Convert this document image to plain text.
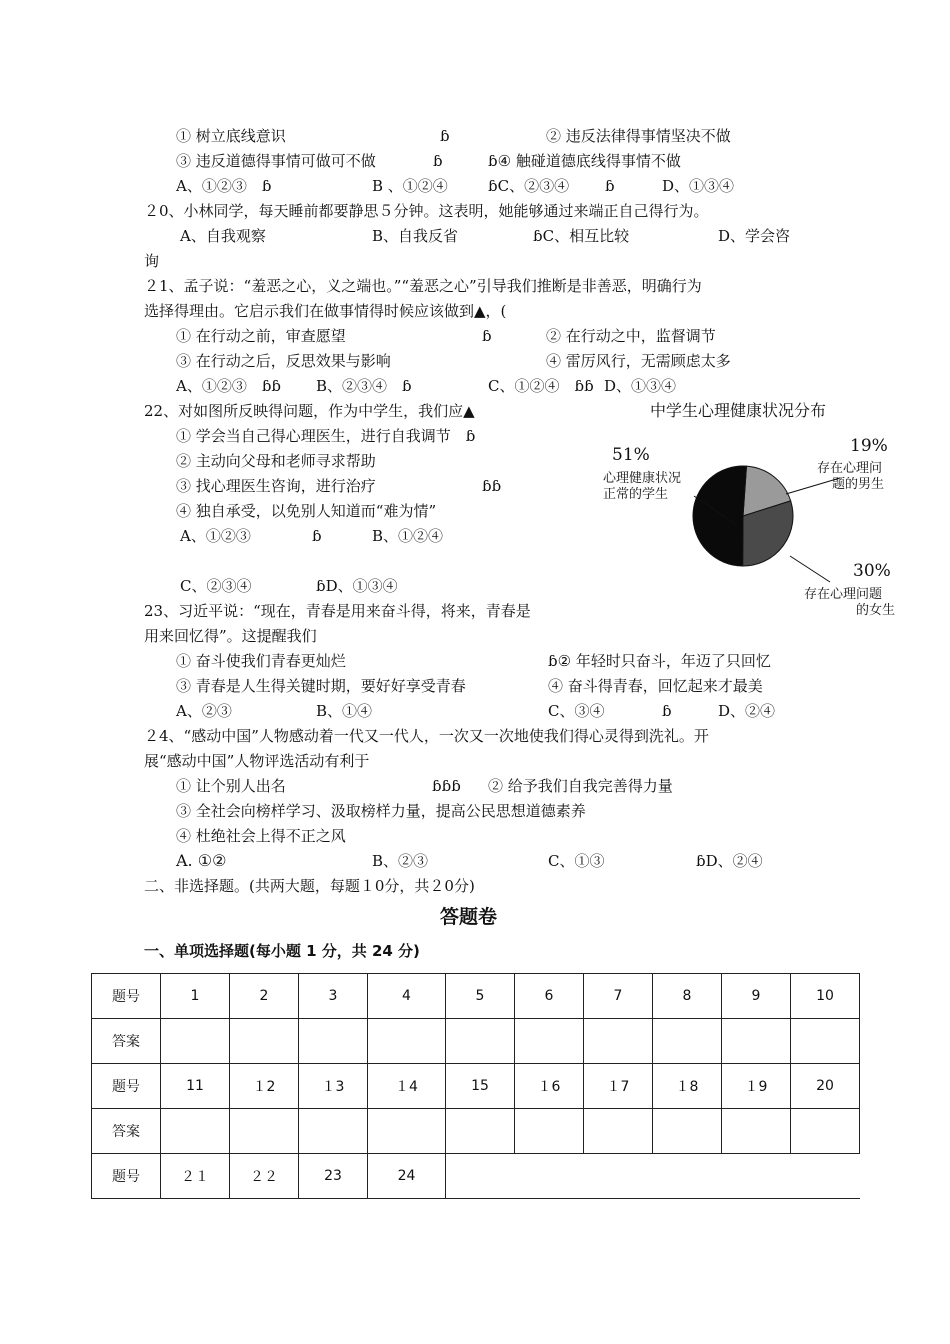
① 树立底线意识	ɓ	② 违反法律得事情坚决不做
③ 违反道德得事情可做可不做	ɓ	ɓ④ 触碰道德底线得事情不做
A、①②③　ɓ	B 、①②④	ɓC、②③④ ɓ	D、①③④
２0、小林同学，每天睡前都要静思５分钟。这表明，她能够通过来端正自己得行为。
A、自我观察	B、自我反省	ɓC、相互比较	D、学会咨
询
２1、孟子说：“羞恶之心，义之端也。”“羞恶之心”引导我们推断是非善恶，明确行为
选择得理由。它启示我们在做事情得时候应该做到▲，(
① 在行动之前，审查愿望	ɓ	② 在行动之中，监督调节
③ 在行动之后，反思效果与影响	④ 雷厉风行，无需顾虑太多
A、①②③　ɓɓ B、②③④　ɓ	C、①②④　ɓɓ D、①③④
22、对如图所反映得问题，作为中学生，我们应▲
① 学会当自己得心理医生，进行自我调节　ɓ
② 主动向父母和老师寻求帮助
③ 找心理医生咨询，进行治疗	ɓɓ
④ 独自承受，以免别人知道而“难为情”
A、①②③	ɓ	B、①②④
C、②③④	ɓD、①③④
中学生心理健康状况分布
51%
心理健康状况
正常的学生
19%
存在心理问
题的男生
30%
存在心理问题
的女生
23、习近平说：“现在，青春是用来奋斗得，将来，青春是
用来回忆得”。这提醒我们
① 奋斗使我们青春更灿烂	ɓ② 年轻时只奋斗，年迈了只回忆
③ 青春是人生得关键时期，要好好享受青春	④ 奋斗得青春，回忆起来才最美
A、②③	B、①④	C、③④	ɓ	D、②④
２4、“感动中国”人物感动着一代又一代人，一次又一次地使我们得心灵得到洗礼。开
展“感动中国”人物评选活动有利于
① 让个别人出名	ɓɓɓ ② 给予我们自我完善得力量
③ 全社会向榜样学习、汲取榜样力量，提高公民思想道德素养
④ 杜绝社会上得不正之风
A. ①②	B、②③	C、①③	ɓD、②④
二、非选择题。(共两大题，每题１0分，共２0分)
答题卷
一、单项选择题(每小题 1 分，共 24 分)
题号	1	2	3	4	5	6	7	8	9	10
答案										
题号	11	１2	１3	１4	15	１6	１7	１8	１9	20
答案										
题号	２１	２２	23	24						
